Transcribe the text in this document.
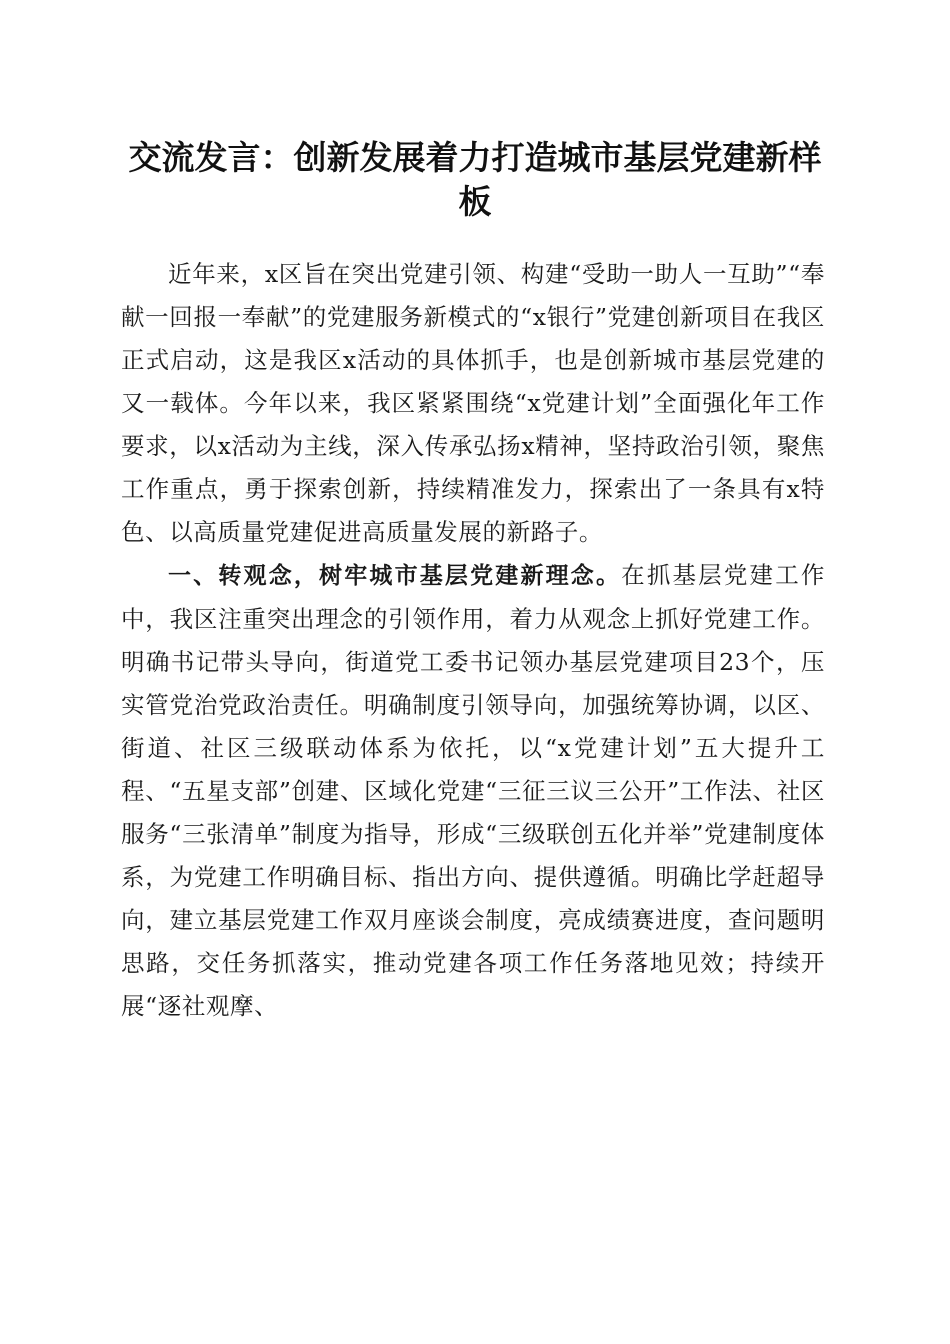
交流发言：创新发展着力打造城市基层党建新样板

近年来，x区旨在突出党建引领、构建“受助一助人一互助”“奉献一回报一奉献”的党建服务新模式的“x银行”党建创新项目在我区正式启动，这是我区x活动的具体抓手，也是创新城市基层党建的又一载体。今年以来，我区紧紧围绕“x党建计划”全面强化年工作要求，以x活动为主线，深入传承弘扬x精神，坚持政治引领，聚焦工作重点，勇于探索创新，持续精准发力，探索出了一条具有x特色、以高质量党建促进高质量发展的新路子。

一、转观念，树牢城市基层党建新理念。在抓基层党建工作中，我区注重突出理念的引领作用，着力从观念上抓好党建工作。明确书记带头导向，街道党工委书记领办基层党建项目23个，压实管党治党政治责任。明确制度引领导向，加强统筹协调，以区、街道、社区三级联动体系为依托，以“x党建计划”五大提升工程、“五星支部”创建、区域化党建“三征三议三公开”工作法、社区服务“三张清单”制度为指导，形成“三级联创五化并举”党建制度体系，为党建工作明确目标、指出方向、提供遵循。明确比学赶超导向，建立基层党建工作双月座谈会制度，亮成绩赛进度，查问题明思路，交任务抓落实，推动党建各项工作任务落地见效；持续开展“逐社观摩、
